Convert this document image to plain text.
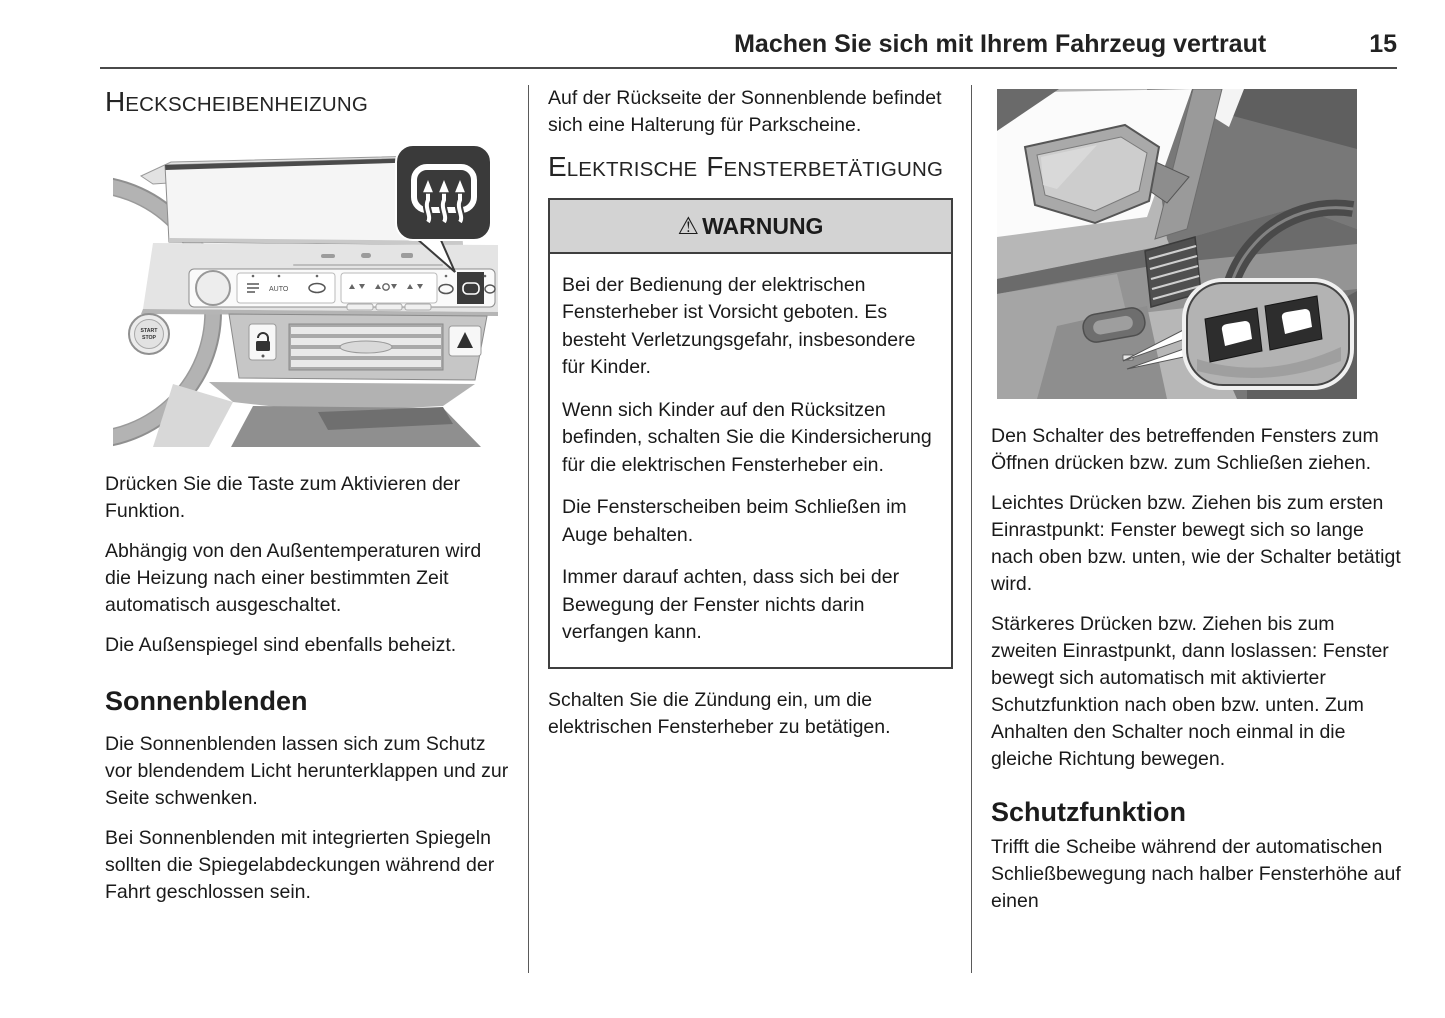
Machen Sie sich mit Ihrem Fahrzeug vertraut	15
HECKSCHEIBENHEIZUNG
AUTO
START
STOP

Drücken Sie die Taste zum Aktivieren der Funktion.

Abhängig von den Außentemperaturen wird die Heizung nach einer bestimmten Zeit automatisch ausgeschaltet.

Die Außenspiegel sind ebenfalls beheizt.

Sonnenblenden

Die Sonnenblenden lassen sich zum Schutz vor blendendem Licht herunterklappen und zur Seite schwenken.

Bei Sonnenblenden mit integrierten Spiegeln sollten die Spiegelabdeckungen während der Fahrt geschlossen sein.

Auf der Rückseite der Sonnenblende befindet sich eine Halterung für Parkscheine.

ELEKTRISCHE FENSTERBETÄTIGUNG
⚠ WARNUNG

Bei der Bedienung der elektrischen Fensterheber ist Vorsicht geboten. Es besteht Verletzungsgefahr, insbesondere für Kinder.

Wenn sich Kinder auf den Rücksitzen befinden, schalten Sie die Kindersicherung für die elektrischen Fensterheber ein.

Die Fensterscheiben beim Schließen im Auge behalten.

Immer darauf achten, dass sich bei der Bewegung der Fenster nichts darin verfangen kann.

Schalten Sie die Zündung ein, um die elektrischen Fensterheber zu betätigen.

Den Schalter des betreffenden Fensters zum Öffnen drücken bzw. zum Schließen ziehen.

Leichtes Drücken bzw. Ziehen bis zum ersten Einrastpunkt: Fenster bewegt sich so lange nach oben bzw. unten, wie der Schalter betätigt wird.

Stärkeres Drücken bzw. Ziehen bis zum zweiten Einrastpunkt, dann loslassen: Fenster bewegt sich automatisch mit aktivierter Schutzfunktion nach oben bzw. unten. Zum Anhalten den Schalter noch einmal in die gleiche Richtung bewegen.

Schutzfunktion

Trifft die Scheibe während der automatischen Schließbewegung nach halber Fensterhöhe auf einen
